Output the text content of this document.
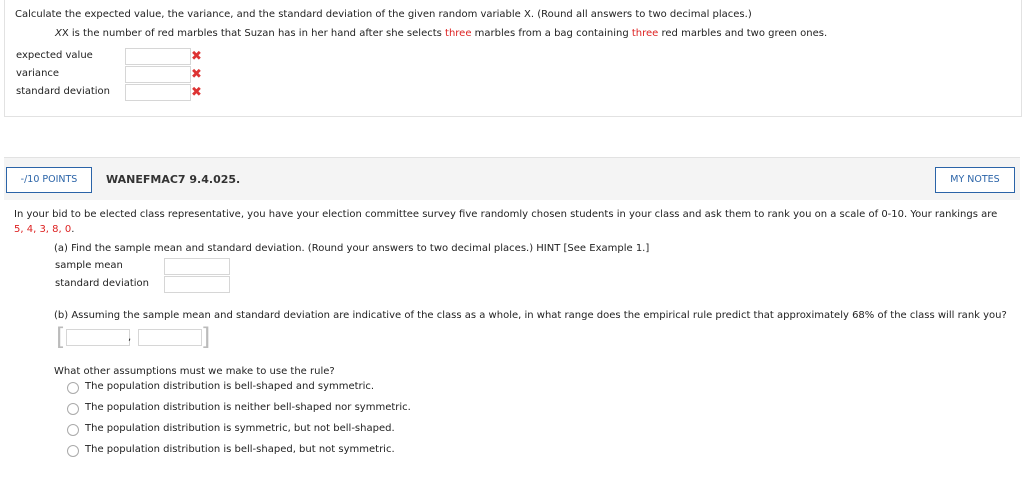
Calculate the expected value, the variance, and the standard deviation of the given random variable X. (Round all answers to two decimal places.)
XX is the number of red marbles that Suzan has in her hand after she selects three marbles from a bag containing three red marbles and two green ones.
expected value	✖
variance	✖
standard deviation	✖
-/10 POINTS	WANEFMAC7 9.4.025.	MY NOTES
In your bid to be elected class representative, you have your election committee survey five randomly chosen students in your class and ask them to rank you on a scale of 0-10. Your rankings are 5, 4, 3, 8, 0.
(a) Find the sample mean and standard deviation. (Round your answers to two decimal places.) HINT [See Example 1.]
sample mean
standard deviation
(b) Assuming the sample mean and standard deviation are indicative of the class as a whole, in what range does the empirical rule predict that approximately 68% of the class will rank you?
[	,	]
What other assumptions must we make to use the rule?
The population distribution is bell-shaped and symmetric.
The population distribution is neither bell-shaped nor symmetric.
The population distribution is symmetric, but not bell-shaped.
The population distribution is bell-shaped, but not symmetric.
